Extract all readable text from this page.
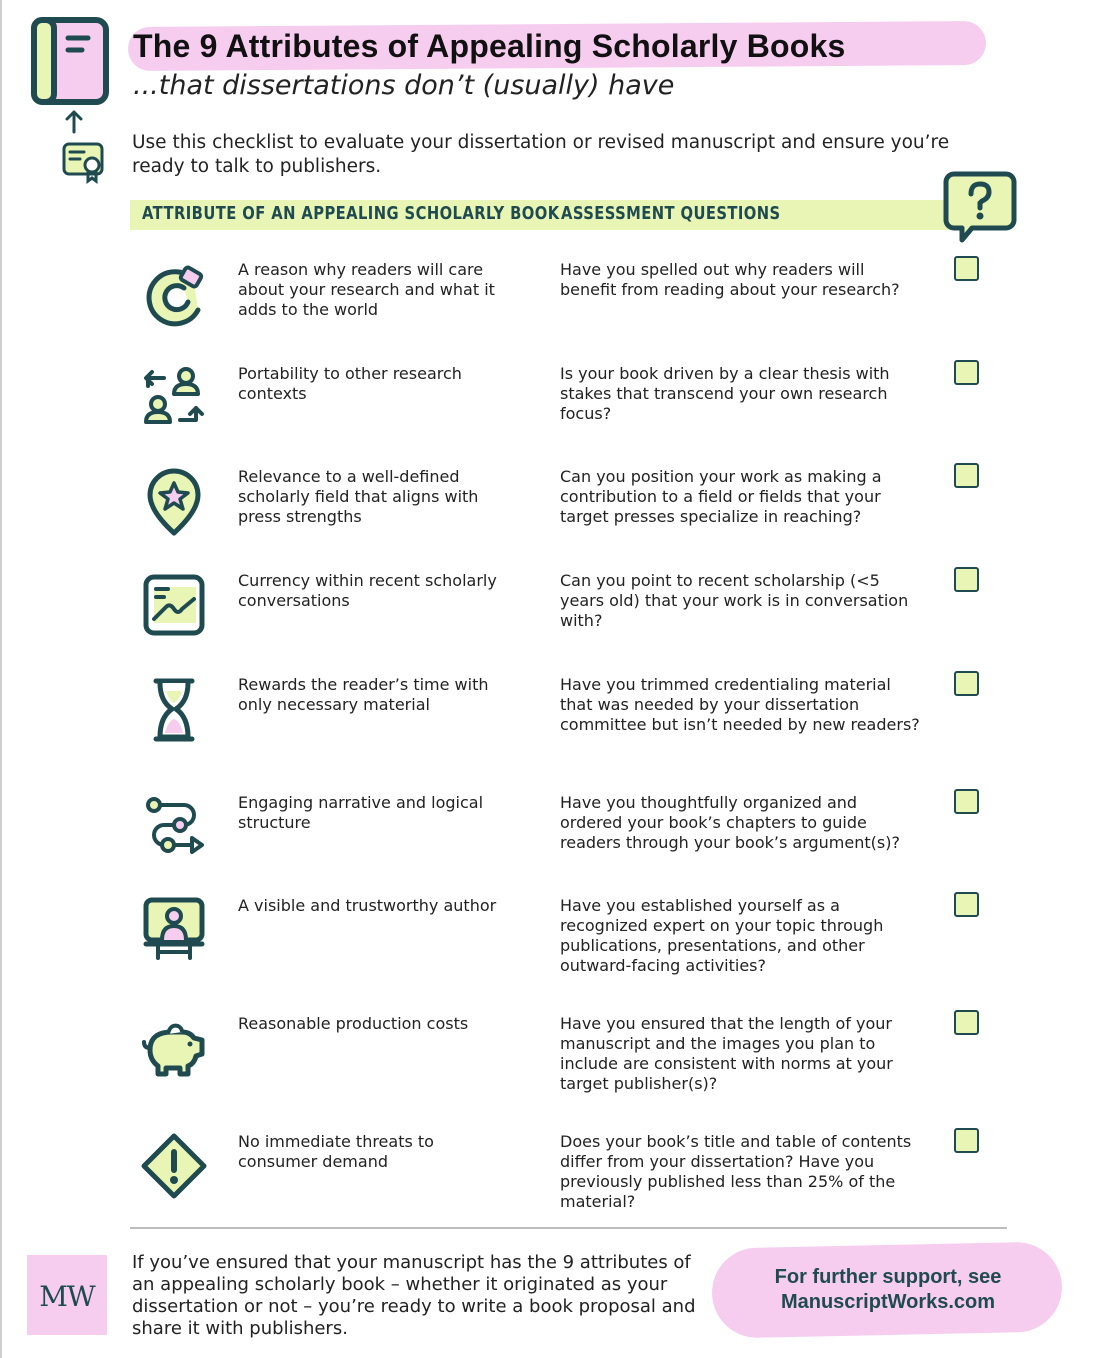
The 9 Attributes of Appealing Scholarly Books
...that dissertations don’t (usually) have

Use this checklist to evaluate your dissertation or revised manuscript and ensure you’re ready to talk to publishers.

ATTRIBUTE OF AN APPEALING SCHOLARLY BOOK ASSESSMENT QUESTIONS
A reason why readers will care about your research and what it adds to the world
Have you spelled out why readers will benefit from reading about your research?
Portability to other research contexts
Is your book driven by a clear thesis with stakes that transcend your own research focus?
Relevance to a well-defined scholarly field that aligns with press strengths
Can you position your work as making a contribution to a field or fields that your target presses specialize in reaching?
Currency within recent scholarly conversations
Can you point to recent scholarship (<5 years old) that your work is in conversation with?
Rewards the reader’s time with only necessary material
Have you trimmed credentialing material that was needed by your dissertation committee but isn’t needed by new readers?
Engaging narrative and logical structure
Have you thoughtfully organized and ordered your book’s chapters to guide readers through your book’s argument(s)?
A visible and trustworthy author	Have you established yourself as a recognized expert on your topic through publications, presentations, and other outward-facing activities?
Reasonable production costs	Have you ensured that the length of your manuscript and the images you plan to include are consistent with norms at your target publisher(s)?
No immediate threats to consumer demand
Does your book’s title and table of contents differ from your dissertation? Have you previously published less than 25% of the material?
MW

If you’ve ensured that your manuscript has the 9 attributes of an appealing scholarly book – whether it originated as your dissertation or not – you’re ready to write a book proposal and share it with publishers.

For further support, see
ManuscriptWorks.com
